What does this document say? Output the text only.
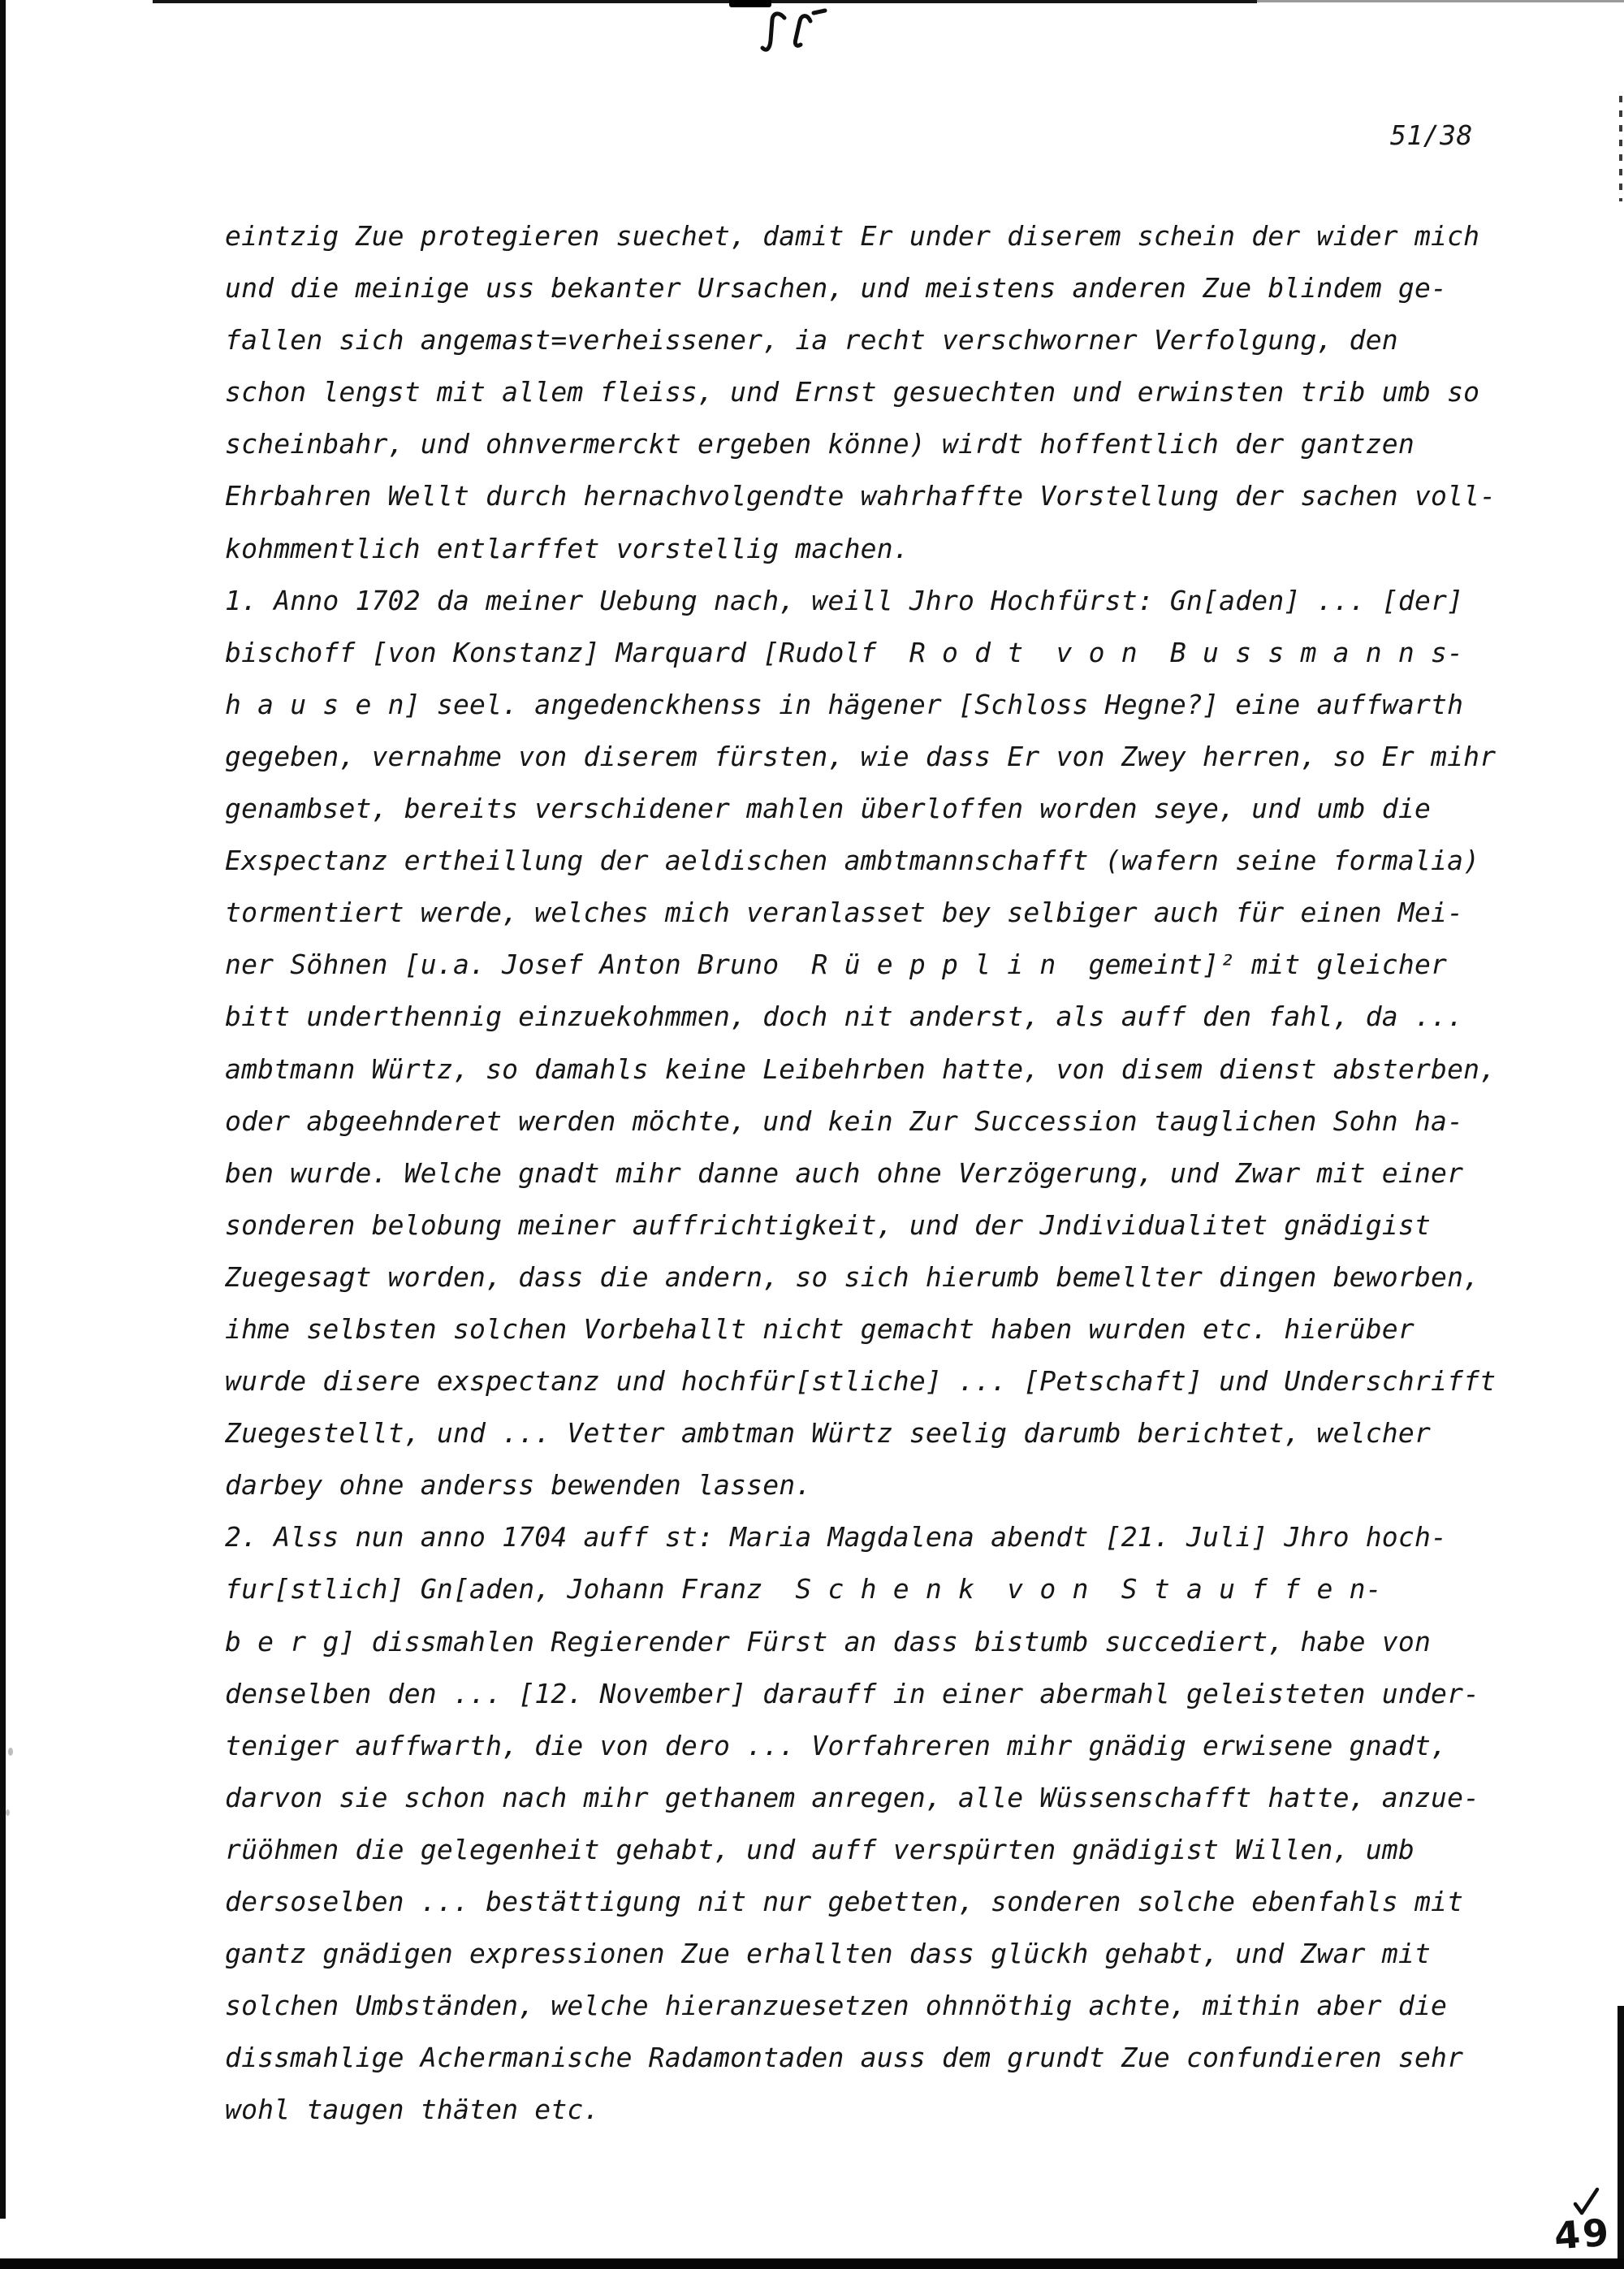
51/38
eintzig Zue protegieren suechet, damit Er under diserem schein der wider mich
und die meinige uss bekanter Ursachen, und meistens anderen Zue blindem ge-
fallen sich angemast=verheissener, ia recht verschworner Verfolgung, den
schon lengst mit allem fleiss, und Ernst gesuechten und erwinsten trib umb so
scheinbahr, und ohnvermerckt ergeben könne) wirdt hoffentlich der gantzen
Ehrbahren Wellt durch hernachvolgendte wahrhaffte Vorstellung der sachen voll-
kohmmentlich entlarffet vorstellig machen.
1. Anno 1702 da meiner Uebung nach, weill Jhro Hochfürst: Gn[aden] ... [der]
bischoff [von Konstanz] Marquard [Rudolf  R o d t  v o n  B u s s m a n n s-
h a u s e n] seel. angedenckhenss in hägener [Schloss Hegne?] eine auffwarth
gegeben, vernahme von diserem fürsten, wie dass Er von Zwey herren, so Er mihr
genambset, bereits verschidener mahlen überloffen worden seye, und umb die
Exspectanz ertheillung der aeldischen ambtmannschafft (wafern seine formalia)
tormentiert werde, welches mich veranlasset bey selbiger auch für einen Mei-
ner Söhnen [u.a. Josef Anton Bruno  R ü e p p l i n  gemeint]² mit gleicher
bitt underthennig einzuekohmmen, doch nit anderst, als auff den fahl, da ...
ambtmann Würtz, so damahls keine Leibehrben hatte, von disem dienst absterben,
oder abgeehnderet werden möchte, und kein Zur Succession tauglichen Sohn ha-
ben wurde. Welche gnadt mihr danne auch ohne Verzögerung, und Zwar mit einer
sonderen belobung meiner auffrichtigkeit, und der Jndividualitet gnädigist
Zuegesagt worden, dass die andern, so sich hierumb bemellter dingen beworben,
ihme selbsten solchen Vorbehallt nicht gemacht haben wurden etc. hierüber
wurde disere exspectanz und hochfür[stliche] ... [Petschaft] und Underschrifft
Zuegestellt, und ... Vetter ambtman Würtz seelig darumb berichtet, welcher
darbey ohne anderss bewenden lassen.
2. Alss nun anno 1704 auff st: Maria Magdalena abendt [21. Juli] Jhro hoch-
fur[stlich] Gn[aden, Johann Franz  S c h e n k  v o n  S t a u f f e n-
b e r g] dissmahlen Regierender Fürst an dass bistumb succediert, habe von
denselben den ... [12. November] darauff in einer abermahl geleisteten under-
teniger auffwarth, die von dero ... Vorfahreren mihr gnädig erwisene gnadt,
darvon sie schon nach mihr gethanem anregen, alle Wüssenschafft hatte, anzue-
rüöhmen die gelegenheit gehabt, und auff verspürten gnädigist Willen, umb
dersoselben ... bestättigung nit nur gebetten, sonderen solche ebenfahls mit
gantz gnädigen expressionen Zue erhallten dass glückh gehabt, und Zwar mit
solchen Umbständen, welche hieranzuesetzen ohnnöthig achte, mithin aber die
dissmahlige Achermanische Radamontaden auss dem grundt Zue confundieren sehr
wohl taugen thäten etc.
49
